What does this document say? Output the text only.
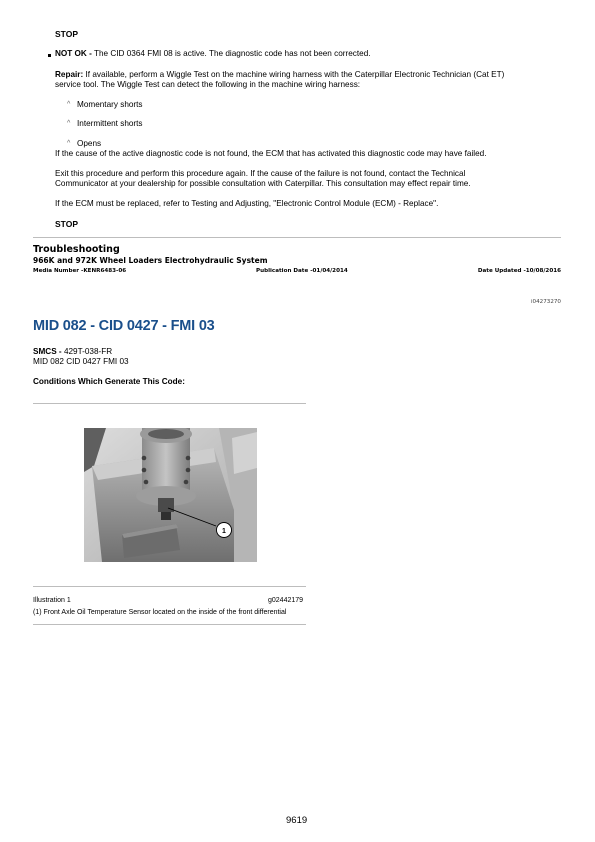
STOP
NOT OK - The CID 0364 FMI 08 is active. The diagnostic code has not been corrected.
Repair: If available, perform a Wiggle Test on the machine wiring harness with the Caterpillar Electronic Technician (Cat ET)
service tool. The Wiggle Test can detect the following in the machine wiring harness:
^ Momentary shorts
^ Intermittent shorts
^ Opens
If the cause of the active diagnostic code is not found, the ECM that has activated this diagnostic code may have failed.
Exit this procedure and perform this procedure again. If the cause of the failure is not found, contact the Technical
Communicator at your dealership for possible consultation with Caterpillar. This consultation may effect repair time.
If the ECM must be replaced, refer to Testing and Adjusting, "Electronic Control Module (ECM) - Replace".
STOP
Troubleshooting
966K and 972K Wheel Loaders Electrohydraulic System
Media Number -KENR6483-06	Publication Date -01/04/2014	Date Updated -10/08/2016
i04273270
MID 082 - CID 0427 - FMI 03
SMCS - 429T-038-FR
MID 082 CID 0427 FMI 03
Conditions Which Generate This Code:
1
Illustration 1	g02442179
(1) Front Axle Oil Temperature Sensor located on the inside of the front differential
9619
